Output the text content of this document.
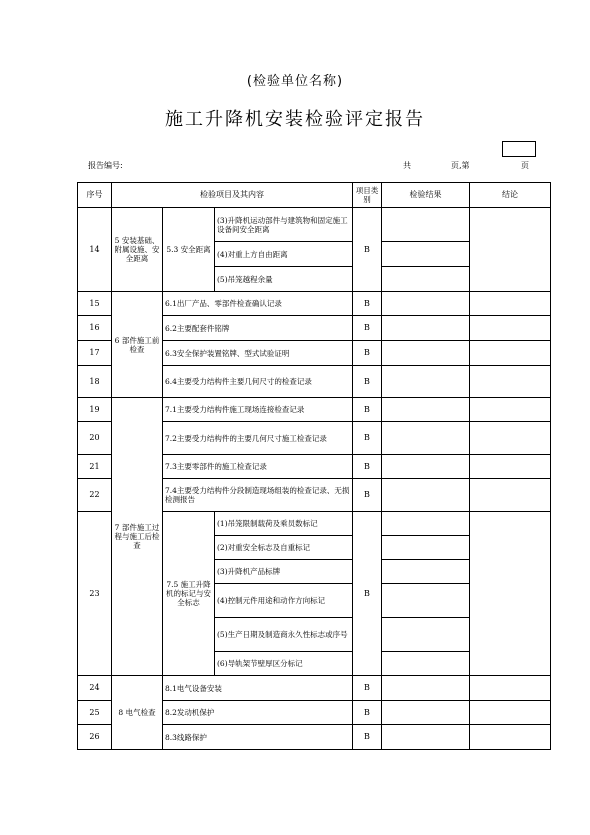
(检验单位名称)
施工升降机安装检验评定报告
报告编号:	共	页,第	页
序号	检验项目及其内容			项目类别	检验结果	结论
14	5 安装基础、附属设施、安全距离	5.3 安全距离	(3)升降机运动部件与建筑物和固定施工设备间安全距离	B		
			(4)对重上方自由距离			
			(5)吊笼越程余量			
15	6 部件施工前检查	6.1出厂产品、零部件检查确认记录		B		
16		6.2主要配套件铭牌		B		
17		6.3安全保护装置铭牌、型式试验证明		B		
18		6.4主要受力结构件主要几何尺寸的检查记录		B		
19	7 部件施工过程与施工后检查	7.1主要受力结构件施工现场连接检查记录		B		
20		7.2主要受力结构件的主要几何尺寸施工检查记录		B		
21		7.3主要零部件的施工检查记录		B		
22		7.4主要受力结构件分段制造现场组装的检查记录、无损检测报告		B		
23		7.5 施工升降机的标记与安全标志	(1)吊笼限制载荷及乘员数标记	B		
			(2)对重安全标志及自重标记			
			(3)升降机产品标牌			
			(4)控制元件用途和动作方向标记			
			(5)生产日期及制造商永久性标志或序号			
			(6)导轨架节壁厚区分标记			
24	8 电气检查	8.1电气设备安装		B		
25		8.2发动机保护		B		
26		8.3线路保护		B		
